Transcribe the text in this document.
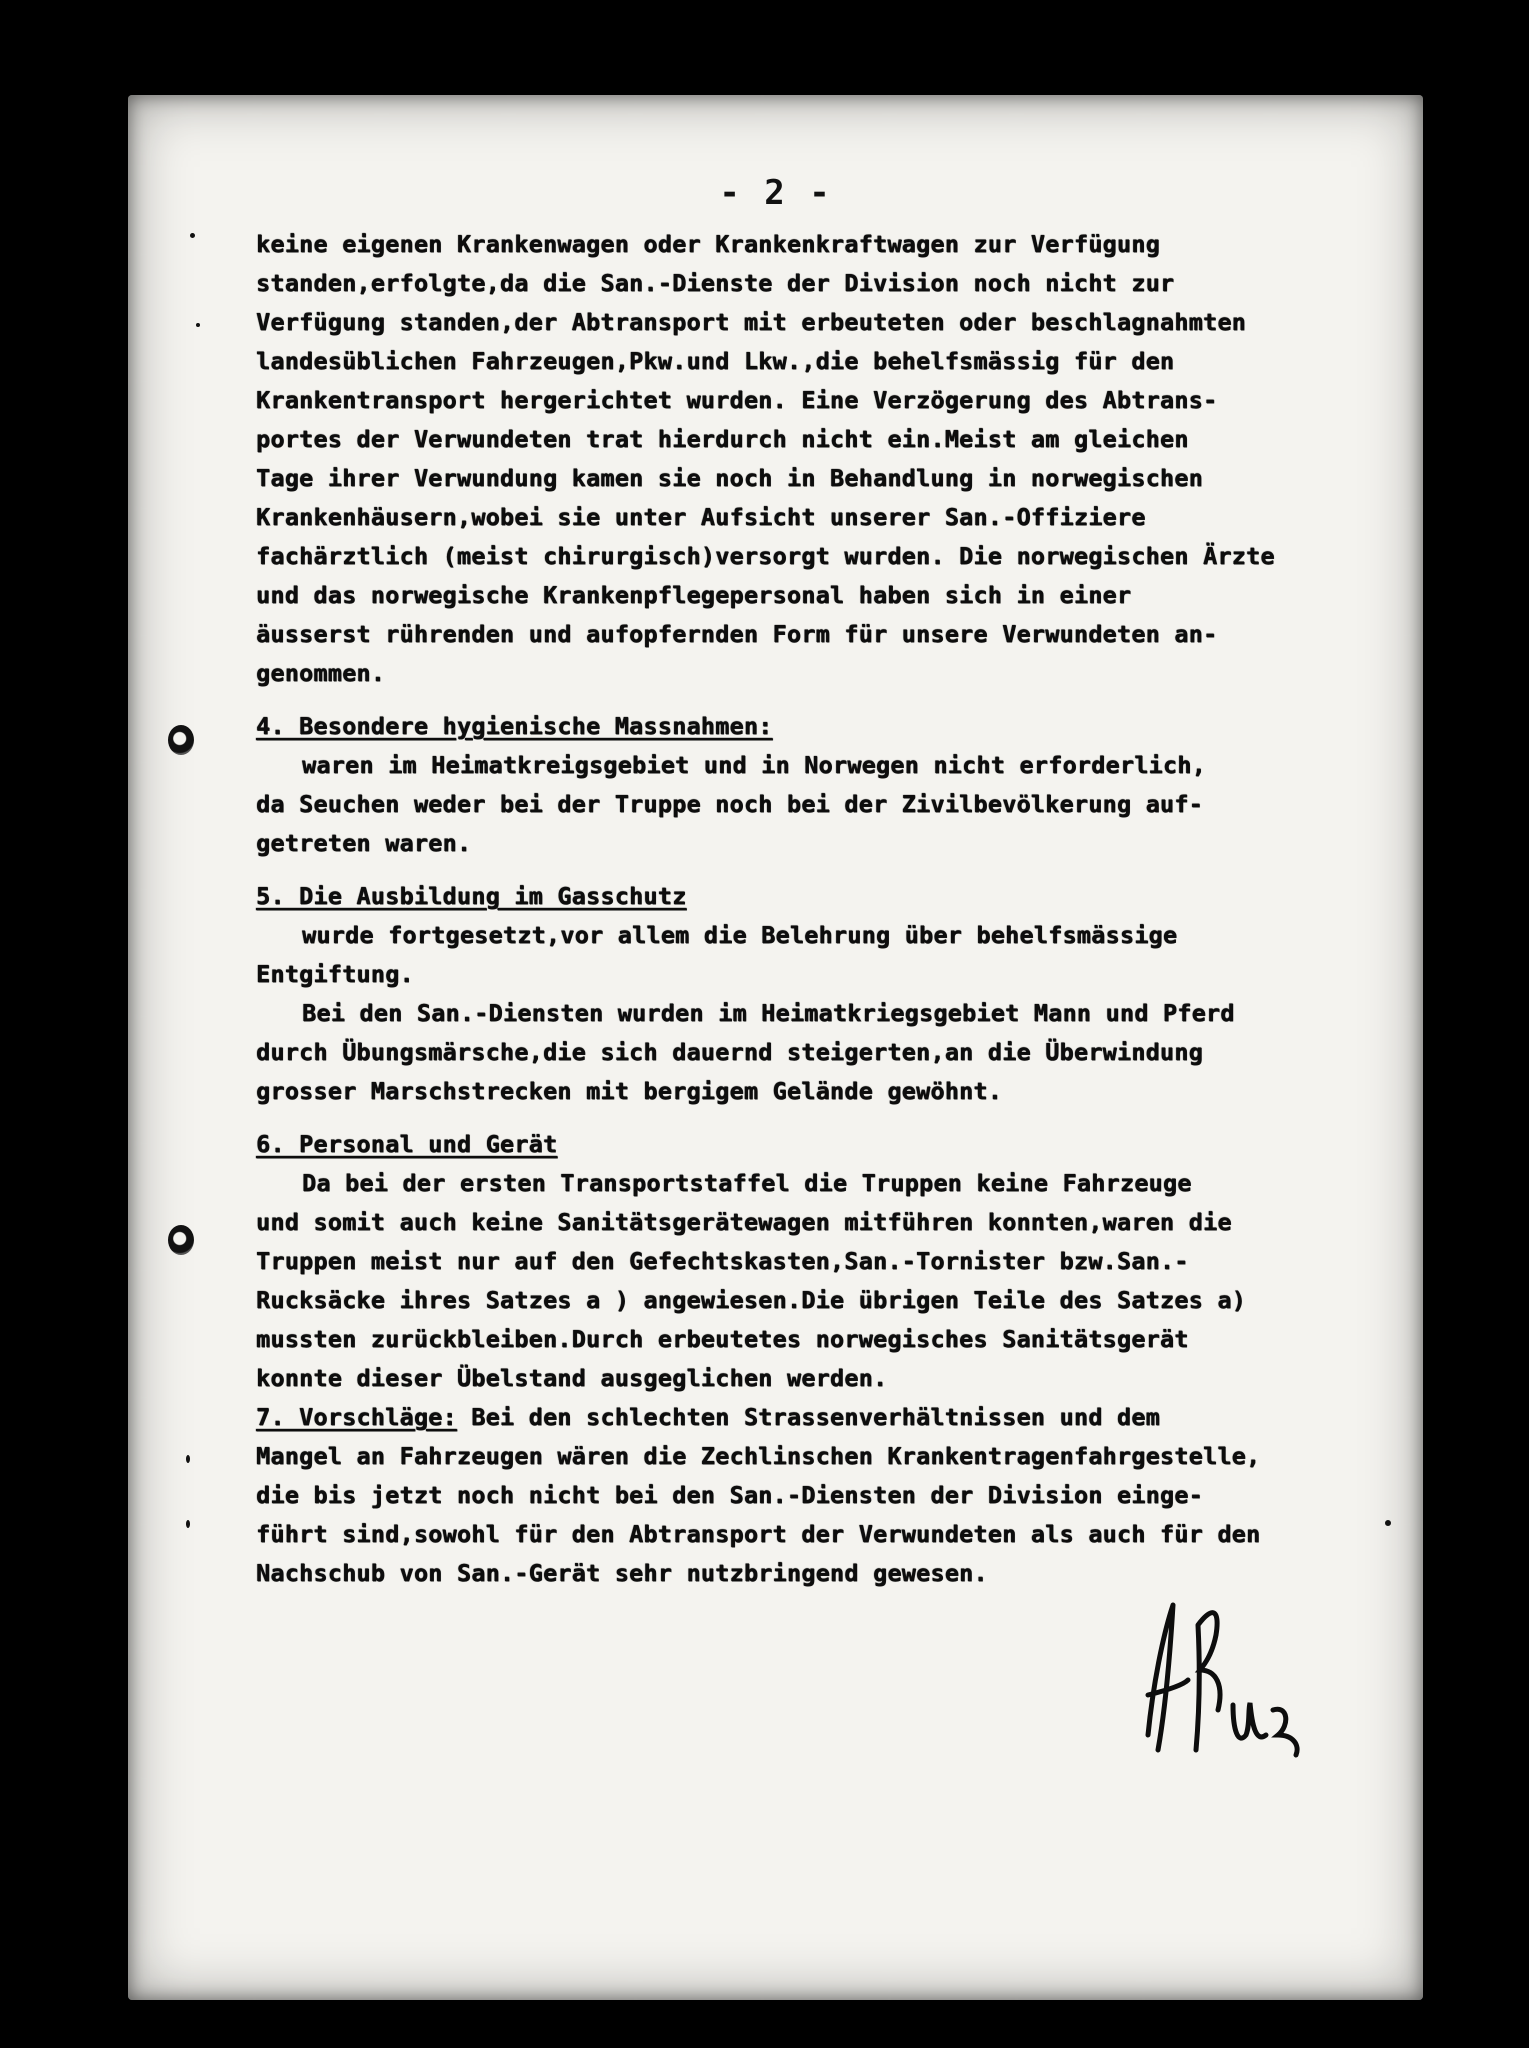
- 2 -
keine eigenen Krankenwagen oder Krankenkraftwagen zur Verfügung
standen,erfolgte,da die San.-Dienste der Division noch nicht zur
Verfügung standen,der Abtransport mit erbeuteten oder beschlagnahmten
landesüblichen Fahrzeugen,Pkw.und Lkw.,die behelfsmässig für den
Krankentransport hergerichtet wurden. Eine Verzögerung des Abtrans-
portes der Verwundeten trat hierdurch nicht ein.Meist am gleichen
Tage ihrer Verwundung kamen sie noch in Behandlung in norwegischen
Krankenhäusern,wobei sie unter Aufsicht unserer San.-Offiziere
fachärztlich (meist chirurgisch)versorgt wurden. Die norwegischen Ärzte
und das norwegische Krankenpflegepersonal haben sich in einer
äusserst rührenden und aufopfernden Form für unsere Verwundeten an-
genommen.
4. Besondere hygienische Massnahmen:
waren im Heimatkreigsgebiet und in Norwegen nicht erforderlich,
da Seuchen weder bei der Truppe noch bei der Zivilbevölkerung auf-
getreten waren.
5. Die Ausbildung im Gasschutz
wurde fortgesetzt,vor allem die Belehrung über behelfsmässige
Entgiftung.
Bei den San.-Diensten wurden im Heimatkriegsgebiet Mann und Pferd
durch Übungsmärsche,die sich dauernd steigerten,an die Überwindung
grosser Marschstrecken mit bergigem Gelände gewöhnt.
6. Personal und Gerät
Da bei der ersten Transportstaffel die Truppen keine Fahrzeuge
und somit auch keine Sanitätsgerätewagen mitführen konnten,waren die
Truppen meist nur auf den Gefechtskasten,San.-Tornister bzw.San.-
Rucksäcke ihres Satzes a ) angewiesen.Die übrigen Teile des Satzes a)
mussten zurückbleiben.Durch erbeutetes norwegisches Sanitätsgerät
konnte dieser Übelstand ausgeglichen werden.
7. Vorschläge: Bei den schlechten Strassenverhältnissen und dem
Mangel an Fahrzeugen wären die Zechlinschen Krankentragenfahrgestelle,
die bis jetzt noch nicht bei den San.-Diensten der Division einge-
führt sind,sowohl für den Abtransport der Verwundeten als auch für den
Nachschub von San.-Gerät sehr nutzbringend gewesen.
